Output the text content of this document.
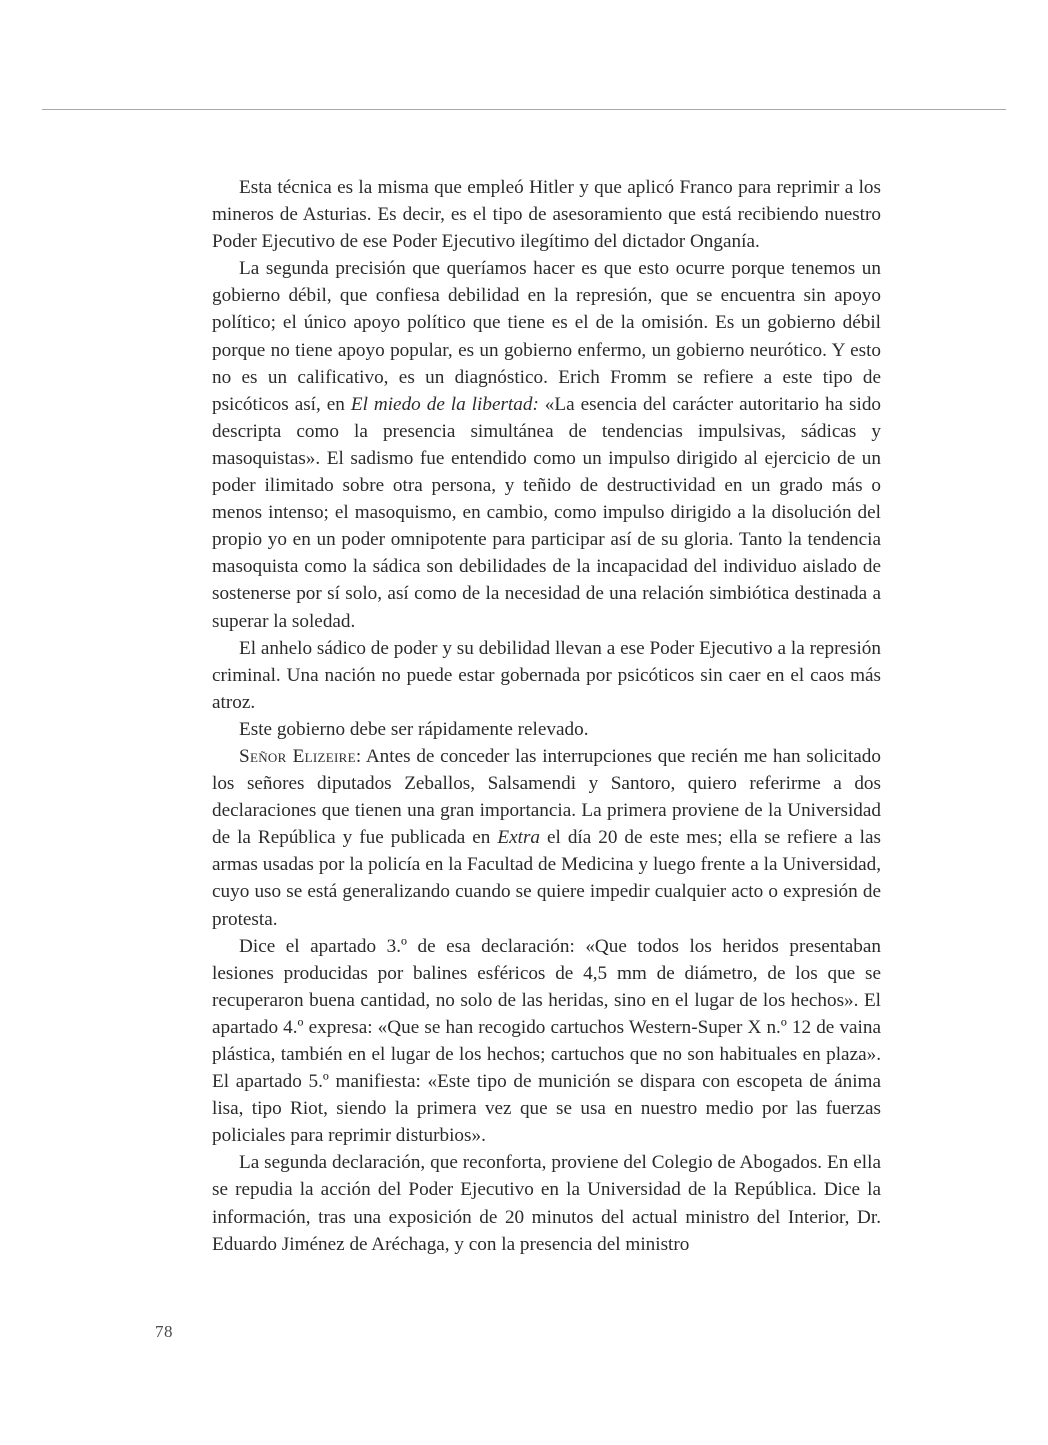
Esta técnica es la misma que empleó Hitler y que aplicó Franco para reprimir a los mineros de Asturias. Es decir, es el tipo de asesoramiento que está recibiendo nuestro Poder Ejecutivo de ese Poder Ejecutivo ilegítimo del dictador Onganía.

La segunda precisión que queríamos hacer es que esto ocurre porque tenemos un gobierno débil, que confiesa debilidad en la represión, que se encuentra sin apoyo político; el único apoyo político que tiene es el de la omisión. Es un gobierno débil porque no tiene apoyo popular, es un gobierno enfermo, un gobierno neurótico. Y esto no es un calificativo, es un diagnóstico. Erich Fromm se refiere a este tipo de psicóticos así, en El miedo de la libertad: «La esencia del carácter autoritario ha sido descripta como la presencia simultánea de tendencias impulsivas, sádicas y masoquistas». El sadismo fue entendido como un impulso dirigido al ejercicio de un poder ilimitado sobre otra persona, y teñido de destructividad en un grado más o menos intenso; el masoquismo, en cambio, como impulso dirigido a la disolución del propio yo en un poder omnipotente para participar así de su gloria. Tanto la tendencia masoquista como la sádica son debilidades de la incapacidad del individuo aislado de sostenerse por sí solo, así como de la necesidad de una relación simbiótica destinada a superar la soledad.

El anhelo sádico de poder y su debilidad llevan a ese Poder Ejecutivo a la represión criminal. Una nación no puede estar gobernada por psicóticos sin caer en el caos más atroz.

Este gobierno debe ser rápidamente relevado.

Señor Elizeire: Antes de conceder las interrupciones que recién me han solicitado los señores diputados Zeballos, Salsamendi y Santoro, quiero referirme a dos declaraciones que tienen una gran importancia. La primera proviene de la Universidad de la República y fue publicada en Extra el día 20 de este mes; ella se refiere a las armas usadas por la policía en la Facultad de Medicina y luego frente a la Universidad, cuyo uso se está generalizando cuando se quiere impedir cualquier acto o expresión de protesta.

Dice el apartado 3.º de esa declaración: «Que todos los heridos presentaban lesiones producidas por balines esféricos de 4,5 mm de diámetro, de los que se recuperaron buena cantidad, no solo de las heridas, sino en el lugar de los hechos». El apartado 4.º expresa: «Que se han recogido cartuchos Western-Super X n.º 12 de vaina plástica, también en el lugar de los hechos; cartuchos que no son habituales en plaza». El apartado 5.º manifiesta: «Este tipo de munición se dispara con escopeta de ánima lisa, tipo Riot, siendo la primera vez que se usa en nuestro medio por las fuerzas policiales para reprimir disturbios».

La segunda declaración, que reconforta, proviene del Colegio de Abogados. En ella se repudia la acción del Poder Ejecutivo en la Universidad de la República. Dice la información, tras una exposición de 20 minutos del actual ministro del Interior, Dr. Eduardo Jiménez de Aréchaga, y con la presencia del ministro

78
